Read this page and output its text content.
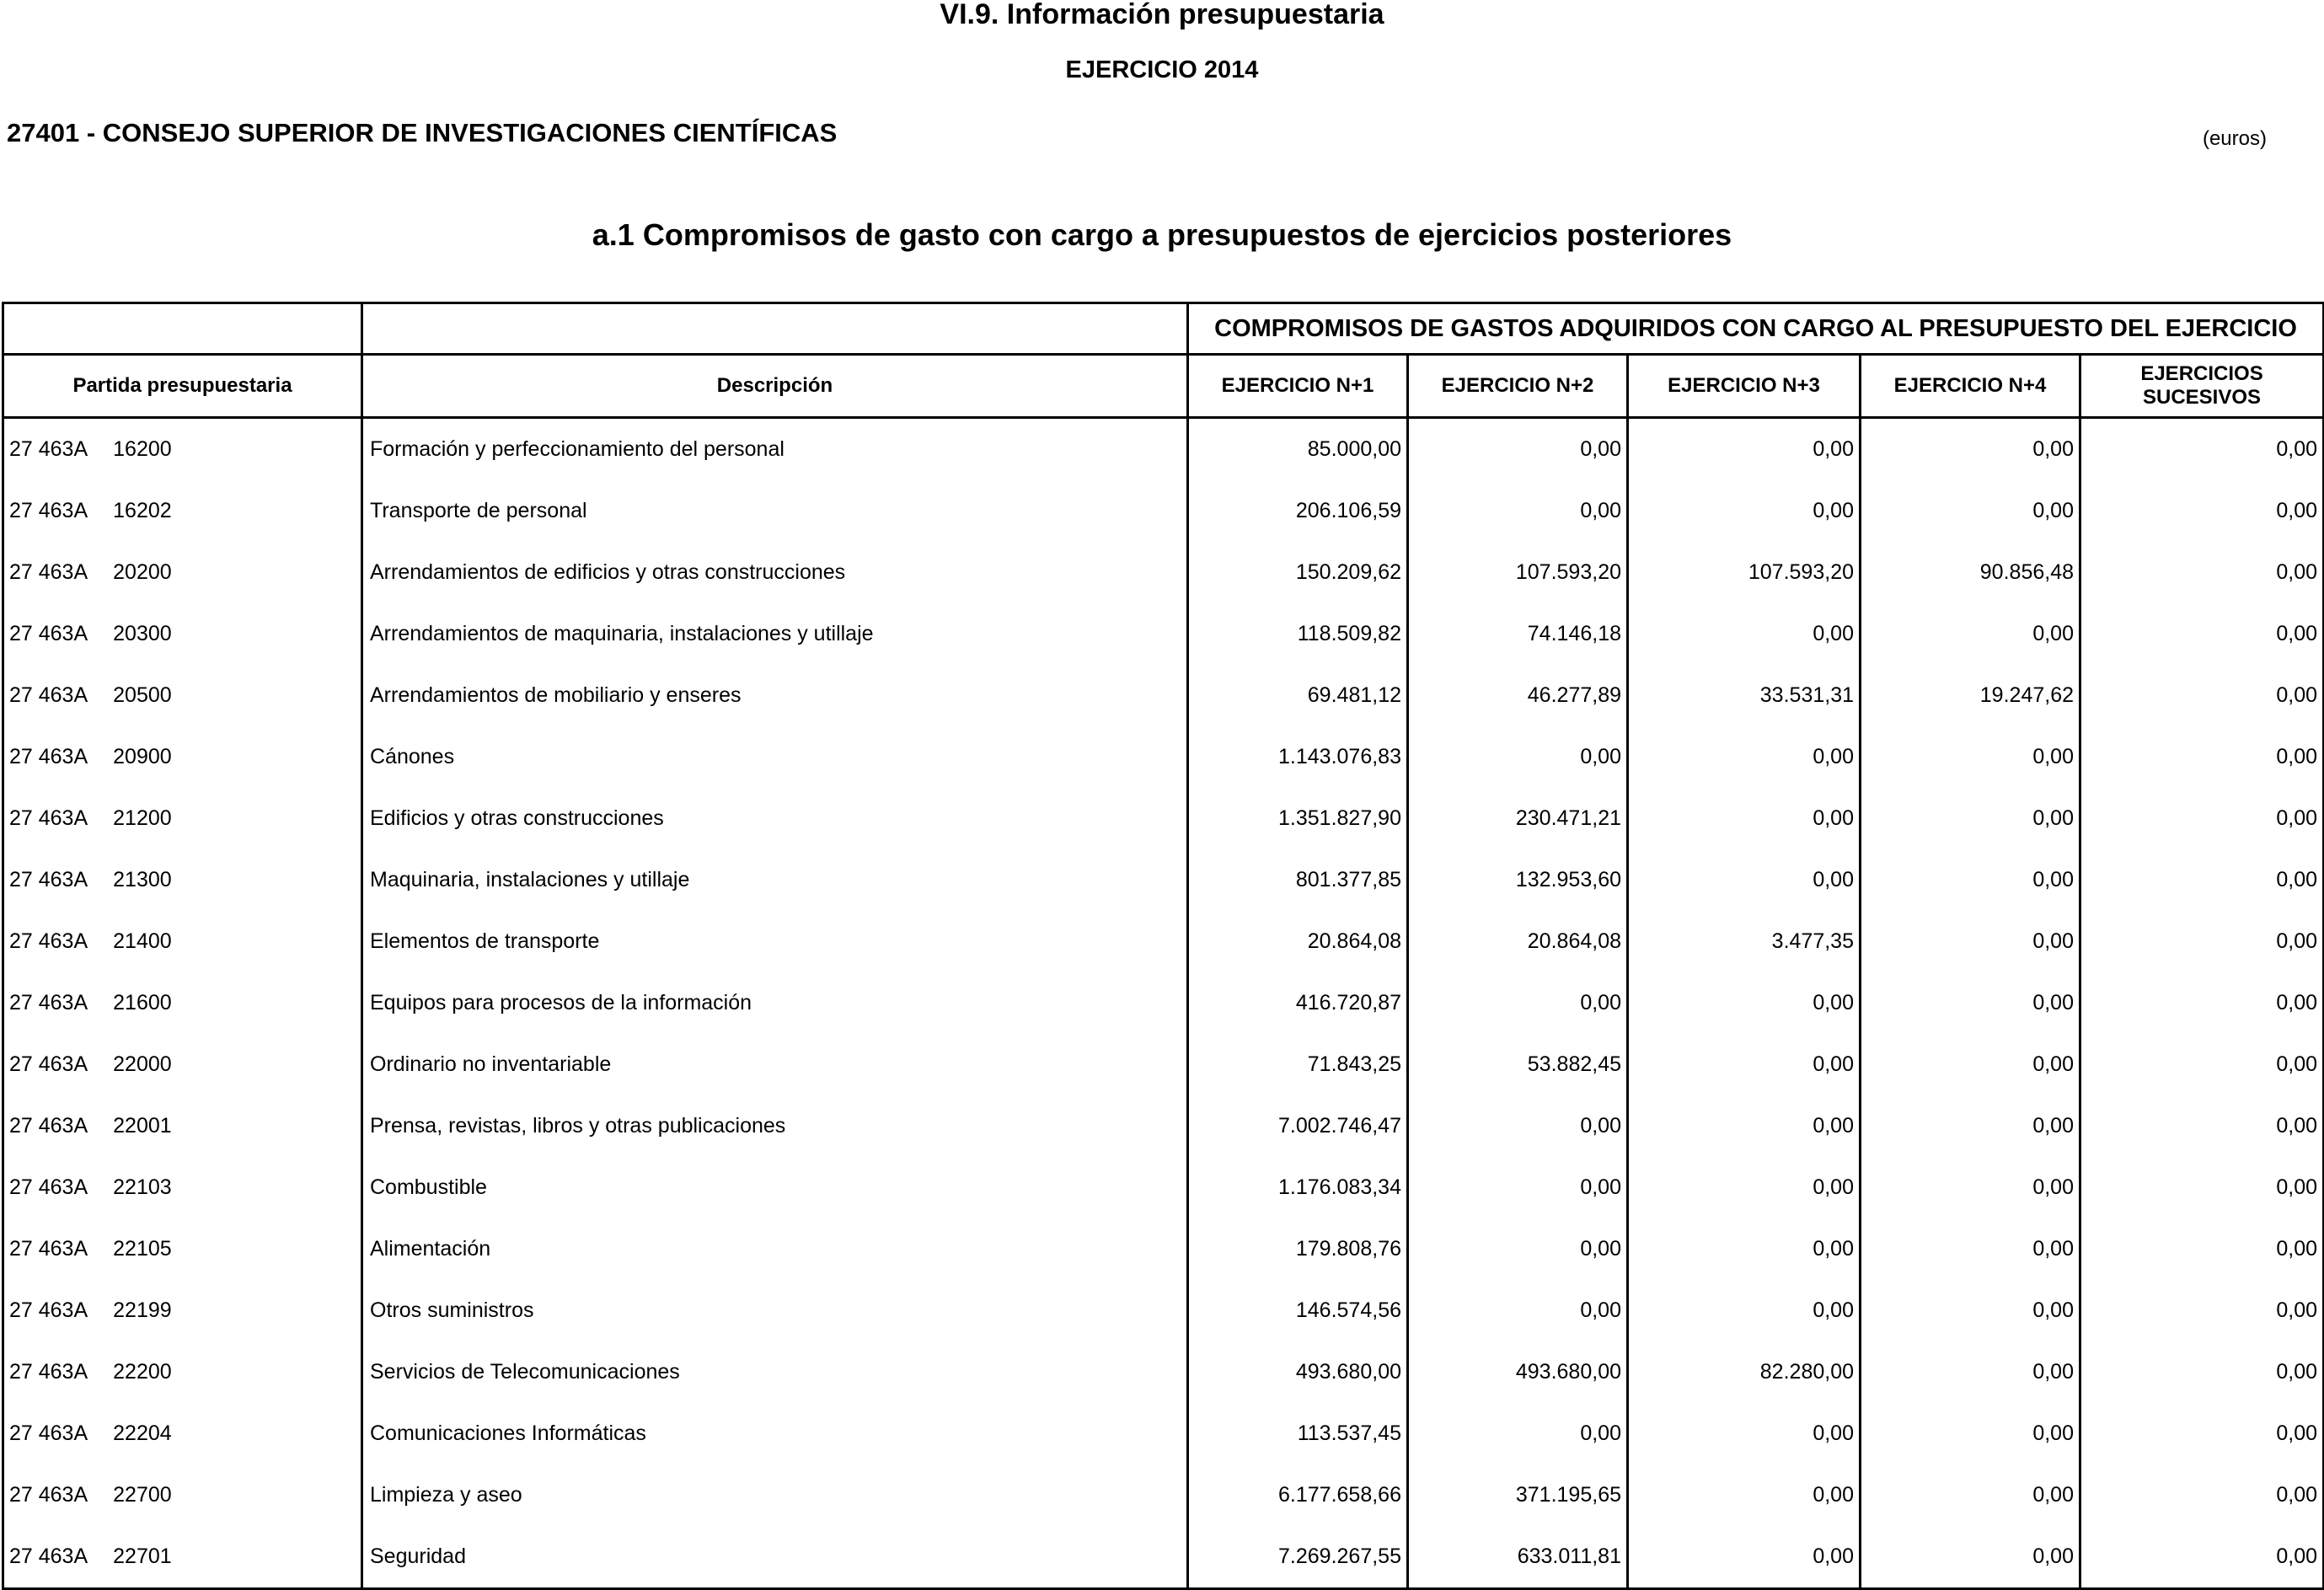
VI.9. Información presupuestaria
EJERCICIO 2014
27401 - CONSEJO SUPERIOR DE INVESTIGACIONES CIENTÍFICAS	(euros)
a.1 Compromisos de gasto con cargo a presupuestos de ejercicios posteriores
		COMPROMISOS DE GASTOS ADQUIRIDOS CON CARGO AL PRESUPUESTO DEL EJERCICIO				
Partida presupuestaria	Descripción	EJERCICIO N+1	EJERCICIO N+2	EJERCICIO N+3	EJERCICIO N+4	EJERCICIOS
SUCESIVOS
27 463A 16200	Formación y perfeccionamiento del personal	85.000,00	0,00	0,00	0,00	0,00
27 463A 16202	Transporte de personal	206.106,59	0,00	0,00	0,00	0,00
27 463A 20200	Arrendamientos de edificios y otras construcciones	150.209,62	107.593,20	107.593,20	90.856,48	0,00
27 463A 20300	Arrendamientos de maquinaria, instalaciones y utillaje	118.509,82	74.146,18	0,00	0,00	0,00
27 463A 20500	Arrendamientos de mobiliario y enseres	69.481,12	46.277,89	33.531,31	19.247,62	0,00
27 463A 20900	Cánones	1.143.076,83	0,00	0,00	0,00	0,00
27 463A 21200	Edificios y otras construcciones	1.351.827,90	230.471,21	0,00	0,00	0,00
27 463A 21300	Maquinaria, instalaciones y utillaje	801.377,85	132.953,60	0,00	0,00	0,00
27 463A 21400	Elementos de transporte	20.864,08	20.864,08	3.477,35	0,00	0,00
27 463A 21600	Equipos para procesos de la información	416.720,87	0,00	0,00	0,00	0,00
27 463A 22000	Ordinario no inventariable	71.843,25	53.882,45	0,00	0,00	0,00
27 463A 22001	Prensa, revistas, libros y otras publicaciones	7.002.746,47	0,00	0,00	0,00	0,00
27 463A 22103	Combustible	1.176.083,34	0,00	0,00	0,00	0,00
27 463A 22105	Alimentación	179.808,76	0,00	0,00	0,00	0,00
27 463A 22199	Otros suministros	146.574,56	0,00	0,00	0,00	0,00
27 463A 22200	Servicios de Telecomunicaciones	493.680,00	493.680,00	82.280,00	0,00	0,00
27 463A 22204	Comunicaciones Informáticas	113.537,45	0,00	0,00	0,00	0,00
27 463A 22700	Limpieza y aseo	6.177.658,66	371.195,65	0,00	0,00	0,00
27 463A 22701	Seguridad	7.269.267,55	633.011,81	0,00	0,00	0,00
